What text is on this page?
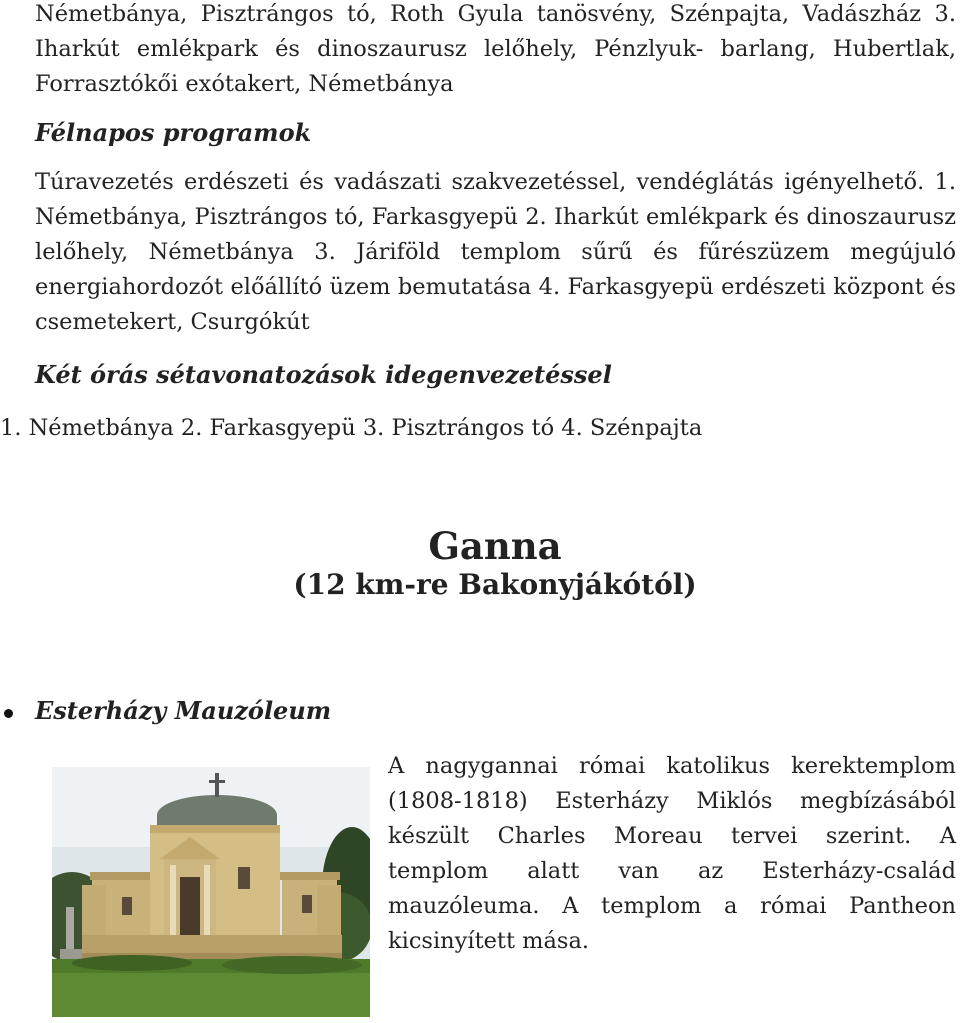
Németbánya, Pisztrángos tó, Roth Gyula tanösvény, Szénpajta, Vadászház 3.
Iharkút emlékpark és dinoszaurusz lelőhely, Pénzlyuk- barlang, Hubertlak,
Forrasztókői exótakert, Németbánya
Félnapos programok
Túravezetés erdészeti és vadászati szakvezetéssel, vendéglátás igényelhető. 1. Németbánya, Pisztrángos tó, Farkasgyepü 2. Iharkút emlékpark és dinoszaurusz lelőhely, Németbánya 3. Járiföld templom sűrű és fűrészüzem megújuló energiahordozót előállító üzem bemutatása 4. Farkasgyepü erdészeti központ és csemetekert, Csurgókút
Két órás sétavonatozások idegenvezetéssel
1. Németbánya 2. Farkasgyepü 3. Pisztrángos tó 4. Szénpajta
Ganna
(12 km-re Bakonyjákótól)
Esterházy Mauzóleum
A nagygannai római katolikus kerektemplom (1808-1818) Esterházy Miklós megbízásából készült Charles Moreau tervei szerint. A templom alatt van az Esterházy-család mauzóleuma. A templom a római Pantheon kicsinyített mása.
